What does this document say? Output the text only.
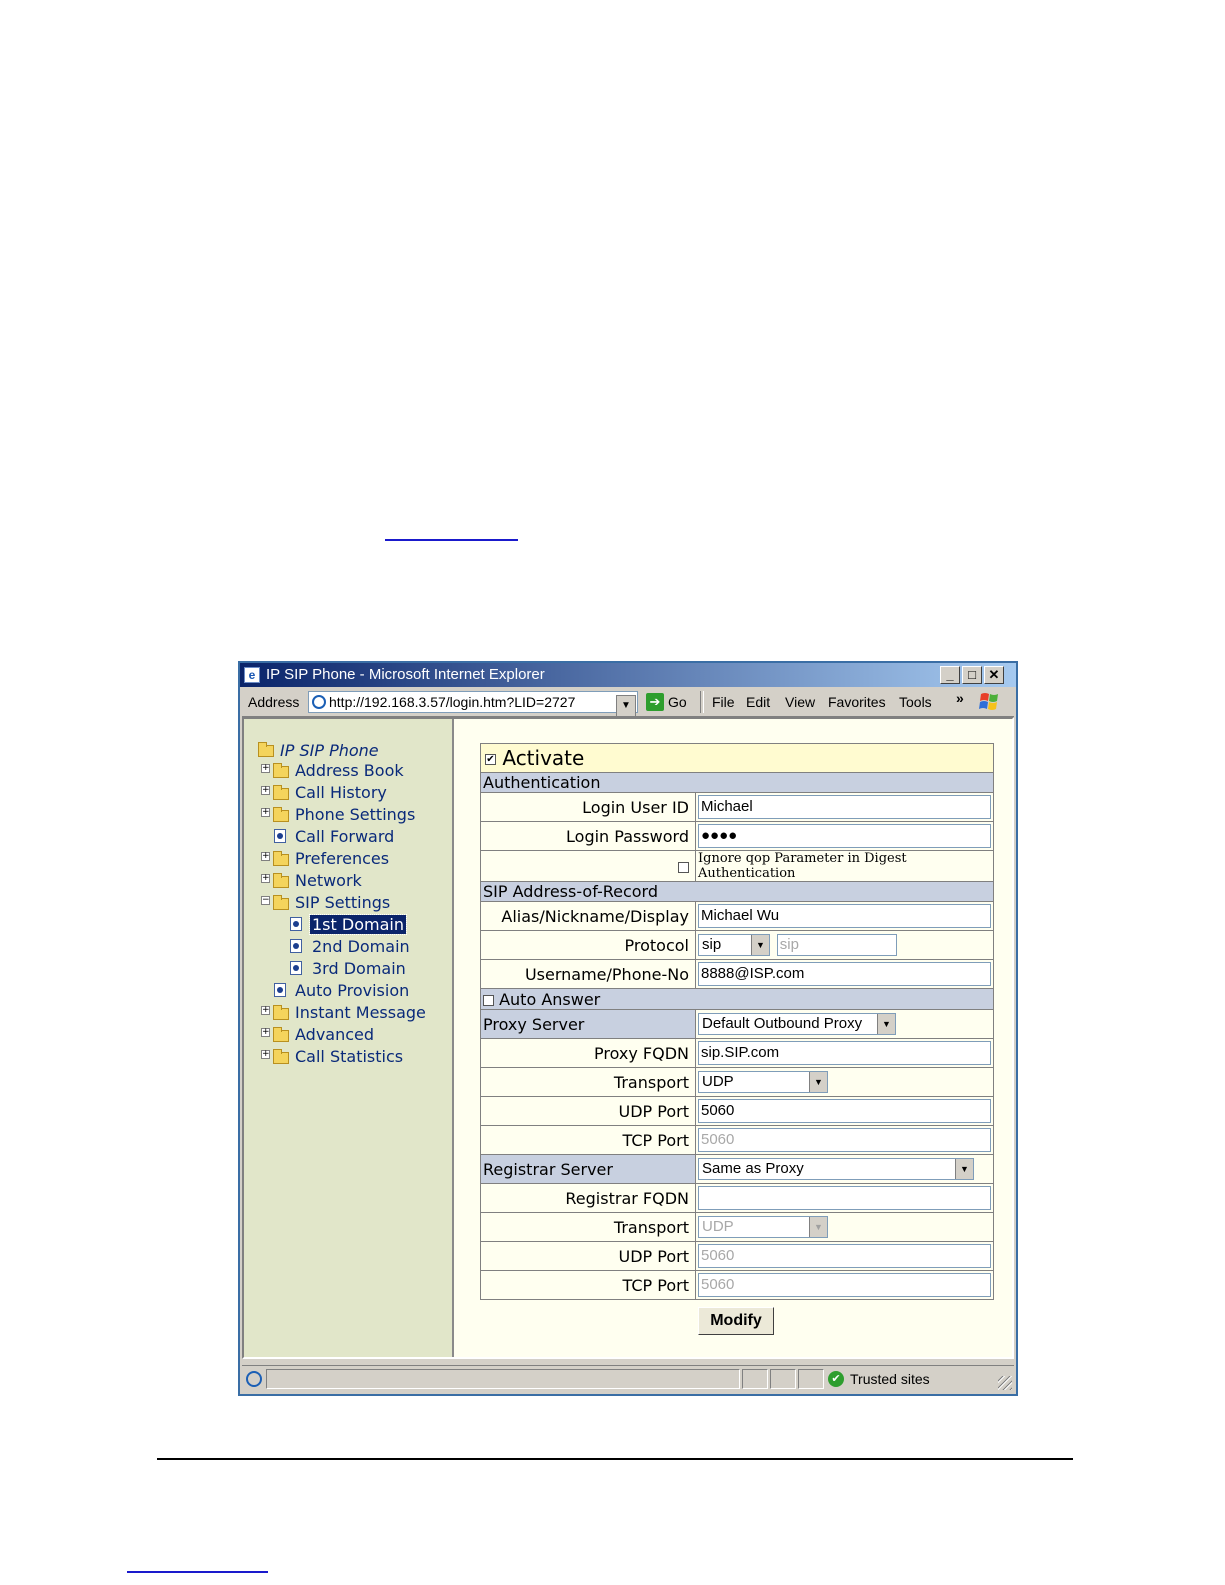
e IP SIP Phone - Microsoft Internet Explorer	_	□ ✕
Address http://192.168.3.57/login.htm?LID=2727	▼	➔ Go File Edit View Favorites Tools »
IP SIP Phone
+ Address Book
+ Call History
+ Phone Settings
Call Forward
+ Preferences
+ Network
− SIP Settings
1st Domain
2nd Domain
3rd Domain
Auto Provision
+ Instant Message
+ Advanced
+ Call Statistics
✔ Activate	
Authentication	
Login User ID	Michael

Login Password	●●●●

	Ignore qop Parameter in Digest Authentication
SIP Address-of-Record	
Alias/Nickname/Display	Michael Wu

Protocol	sip ▼ sip
Username/Phone-No	8888@ISP.com

Auto Answer	
Proxy Server	Default Outbound Proxy ▼

Proxy FQDN	sip.SIP.com

Transport	UDP ▼

UDP Port	5060

TCP Port	5060

Registrar Server	Same as Proxy ▼

Registrar FQDN	

Transport	UDP ▼

UDP Port	5060

TCP Port	5060
Modify
✔ Trusted sites
